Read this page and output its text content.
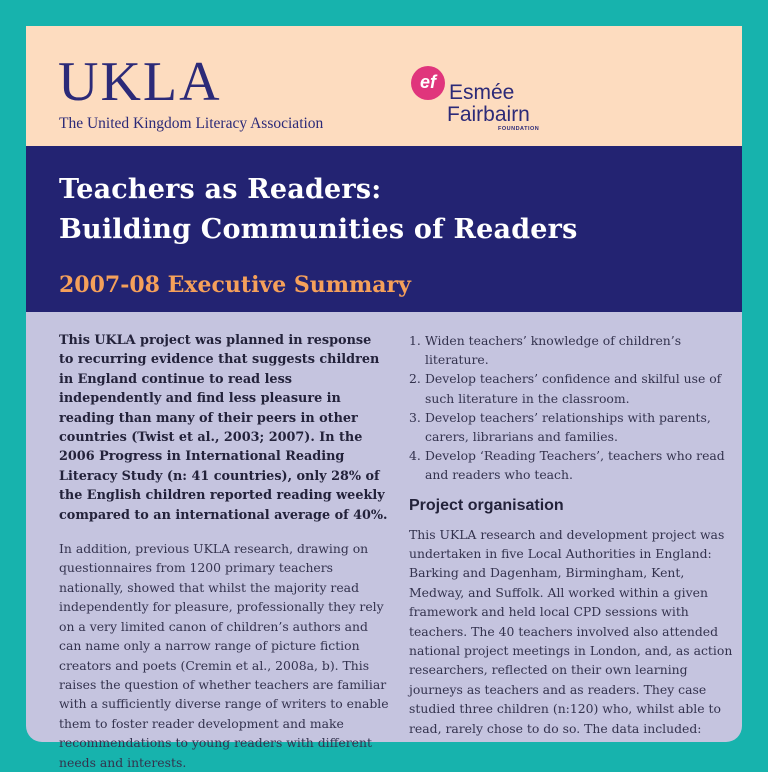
UKLA
The United Kingdom Literacy Association
ef Esmée
Fairbairn
FOUNDATION
Teachers as Readers:
Building Communities of Readers
2007-08 Executive Summary

This UKLA project was planned in response to recurring evidence that suggests children in England continue to read less independently and find less pleasure in reading than many of their peers in other countries (Twist et al., 2003; 2007). In the 2006 Progress in International Reading Literacy Study (n: 41 countries), only 28% of the English children reported reading weekly compared to an international average of 40%.

In addition, previous UKLA research, drawing on questionnaires from 1200 primary teachers nationally, showed that whilst the majority read independently for pleasure, professionally they rely on a very limited canon of children’s authors and can name only a narrow range of picture fiction creators and poets (Cremin et al., 2008a, b). This raises the question of whether teachers are familiar with a sufficiently diverse range of writers to enable them to foster reader development and make recommendations to young readers with different needs and interests.

1. Widen teachers’ knowledge of children’s literature.
2. Develop teachers’ confidence and skilful use of such literature in the classroom.
3. Develop teachers’ relationships with parents, carers, librarians and families.
4. Develop ‘Reading Teachers’, teachers who read and readers who teach.
Project organisation

This UKLA research and development project was undertaken in five Local Authorities in England: Barking and Dagenham, Birmingham, Kent, Medway, and Suffolk. All worked within a given framework and held local CPD sessions with teachers. The 40 teachers involved also attended national project meetings in London, and, as action researchers, reflected on their own learning journeys as teachers and as readers. They case studied three children (n:120) who, whilst able to read, rarely chose to do so. The data included:
